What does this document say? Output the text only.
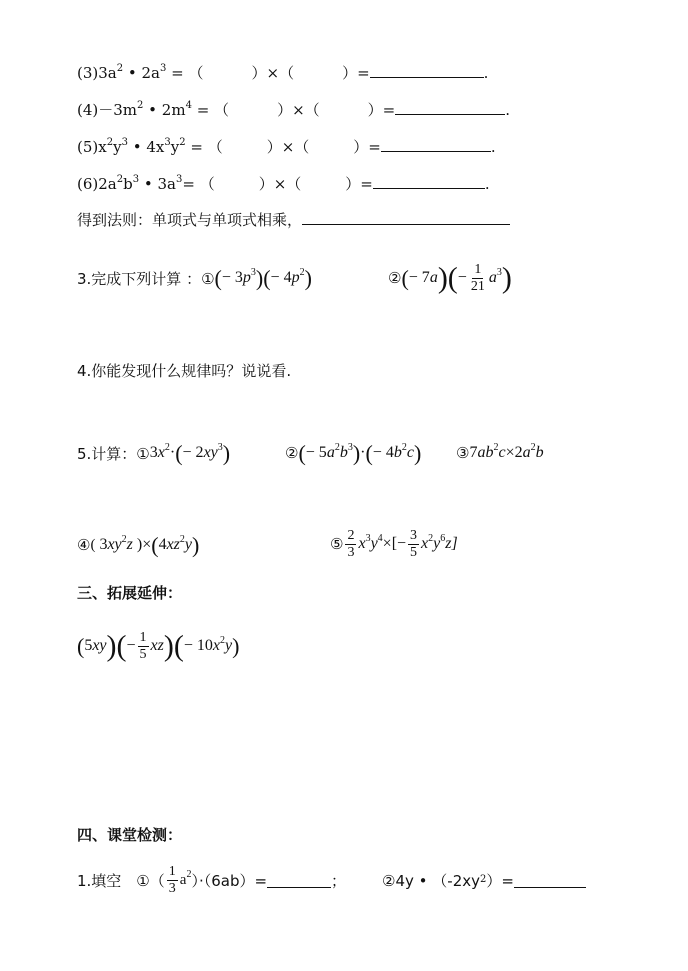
$(3)3a^2$ • $2a^3$ = （	）×（	）=	.
$(4)-3m^2$ • $2m^4$ = （	）×（	）=	.
$(5)x^2y^3$ • $4x^3y^2$ = （	）×（	）=	.
$(6)2a^2b^3$ • $3a^3=$ （	）×（	）=	.
得到法则：单项式与单项式相乘，
3.完成下列计算 ：① (− $3p^3)(- 4p^2)$	② (− $7a)(- \frac{1}{21} a^3)$
4.你能发现什么规律吗？说说看.
5.计算：① $3x^2\cdot(- 2xy^3)$	② (− $5a^2b^3)\cdot(- 4b^2c)$ ③ $7ab^2c\times 2a^2b$
④ ( $3xy^2z$ )$\times(4xz^2y)$	⑤ $\frac{2}{3} x^3y^4\times[- \frac{3}{5} x^2y^6z]$
三、拓展延伸：
$(5xy)(- \frac{1}{5} xz)(- 10x^2y)$
四、课堂检测：
1.填空　①（ $\frac{1}{3} a^2$ ）·（6ab）=	； ②4y • （-2xy 2 ）=
